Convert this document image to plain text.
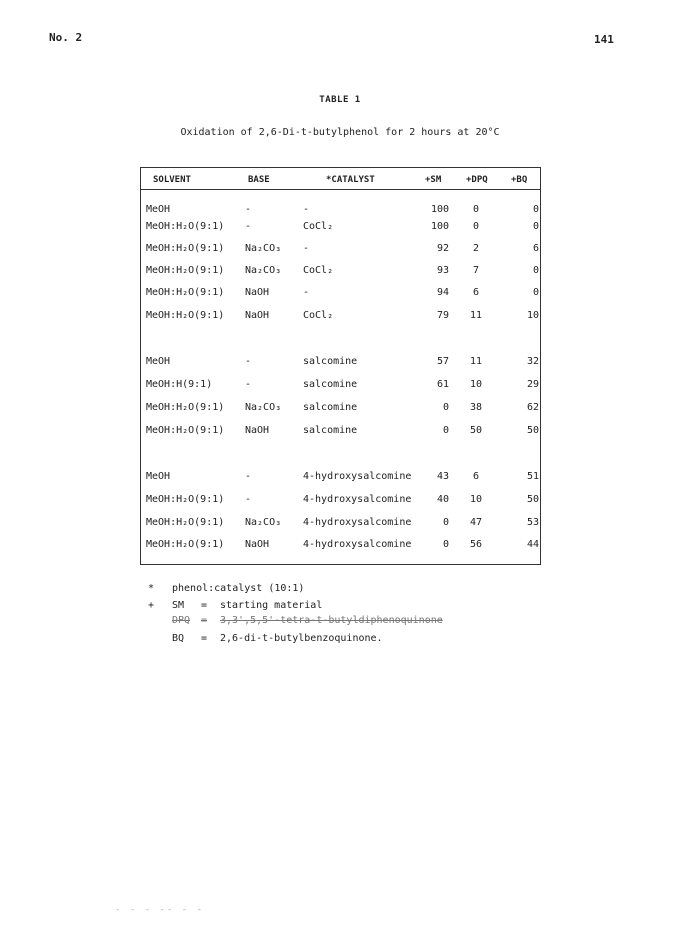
No. 2	141
TABLE 1
Oxidation of 2,6-Di-t-butylphenol for 2 hours at 20°C
SOLVENT	BASE	*CATALYST	+SM	+DPQ	+BQ
MeOH	-	-	100	0	0
MeOH:H₂O(9:1) -	CoCl₂	100	0	0
MeOH:H₂O(9:1) Na₂CO₃ -	92	2	6
MeOH:H₂O(9:1) Na₂CO₃ CoCl₂	93	7	0
MeOH:H₂O(9:1) NaOH	-	94	6	0
MeOH:H₂O(9:1) NaOH	CoCl₂	79	11	10
MeOH	-	salcomine	57	11	32
MeOH:H(9:1)	-	salcomine	61	10	29
MeOH:H₂O(9:1) Na₂CO₃ salcomine	0	38	62
MeOH:H₂O(9:1) NaOH	salcomine	0	50	50
MeOH	-	4-hydroxysalcomine	43	6	51
MeOH:H₂O(9:1) -	4-hydroxysalcomine	40	10	50
MeOH:H₂O(9:1) Na₂CO₃ 4-hydroxysalcomine	0	47	53
MeOH:H₂O(9:1) NaOH	4-hydroxysalcomine	0	56	44
* phenol:catalyst (10:1)
+ SM = starting material
DPQ = 3,3',5,5'-tetra-t-butyldiphenoquinone
BQ = 2,6-di-t-butylbenzoquinone.
- - - -- - -
